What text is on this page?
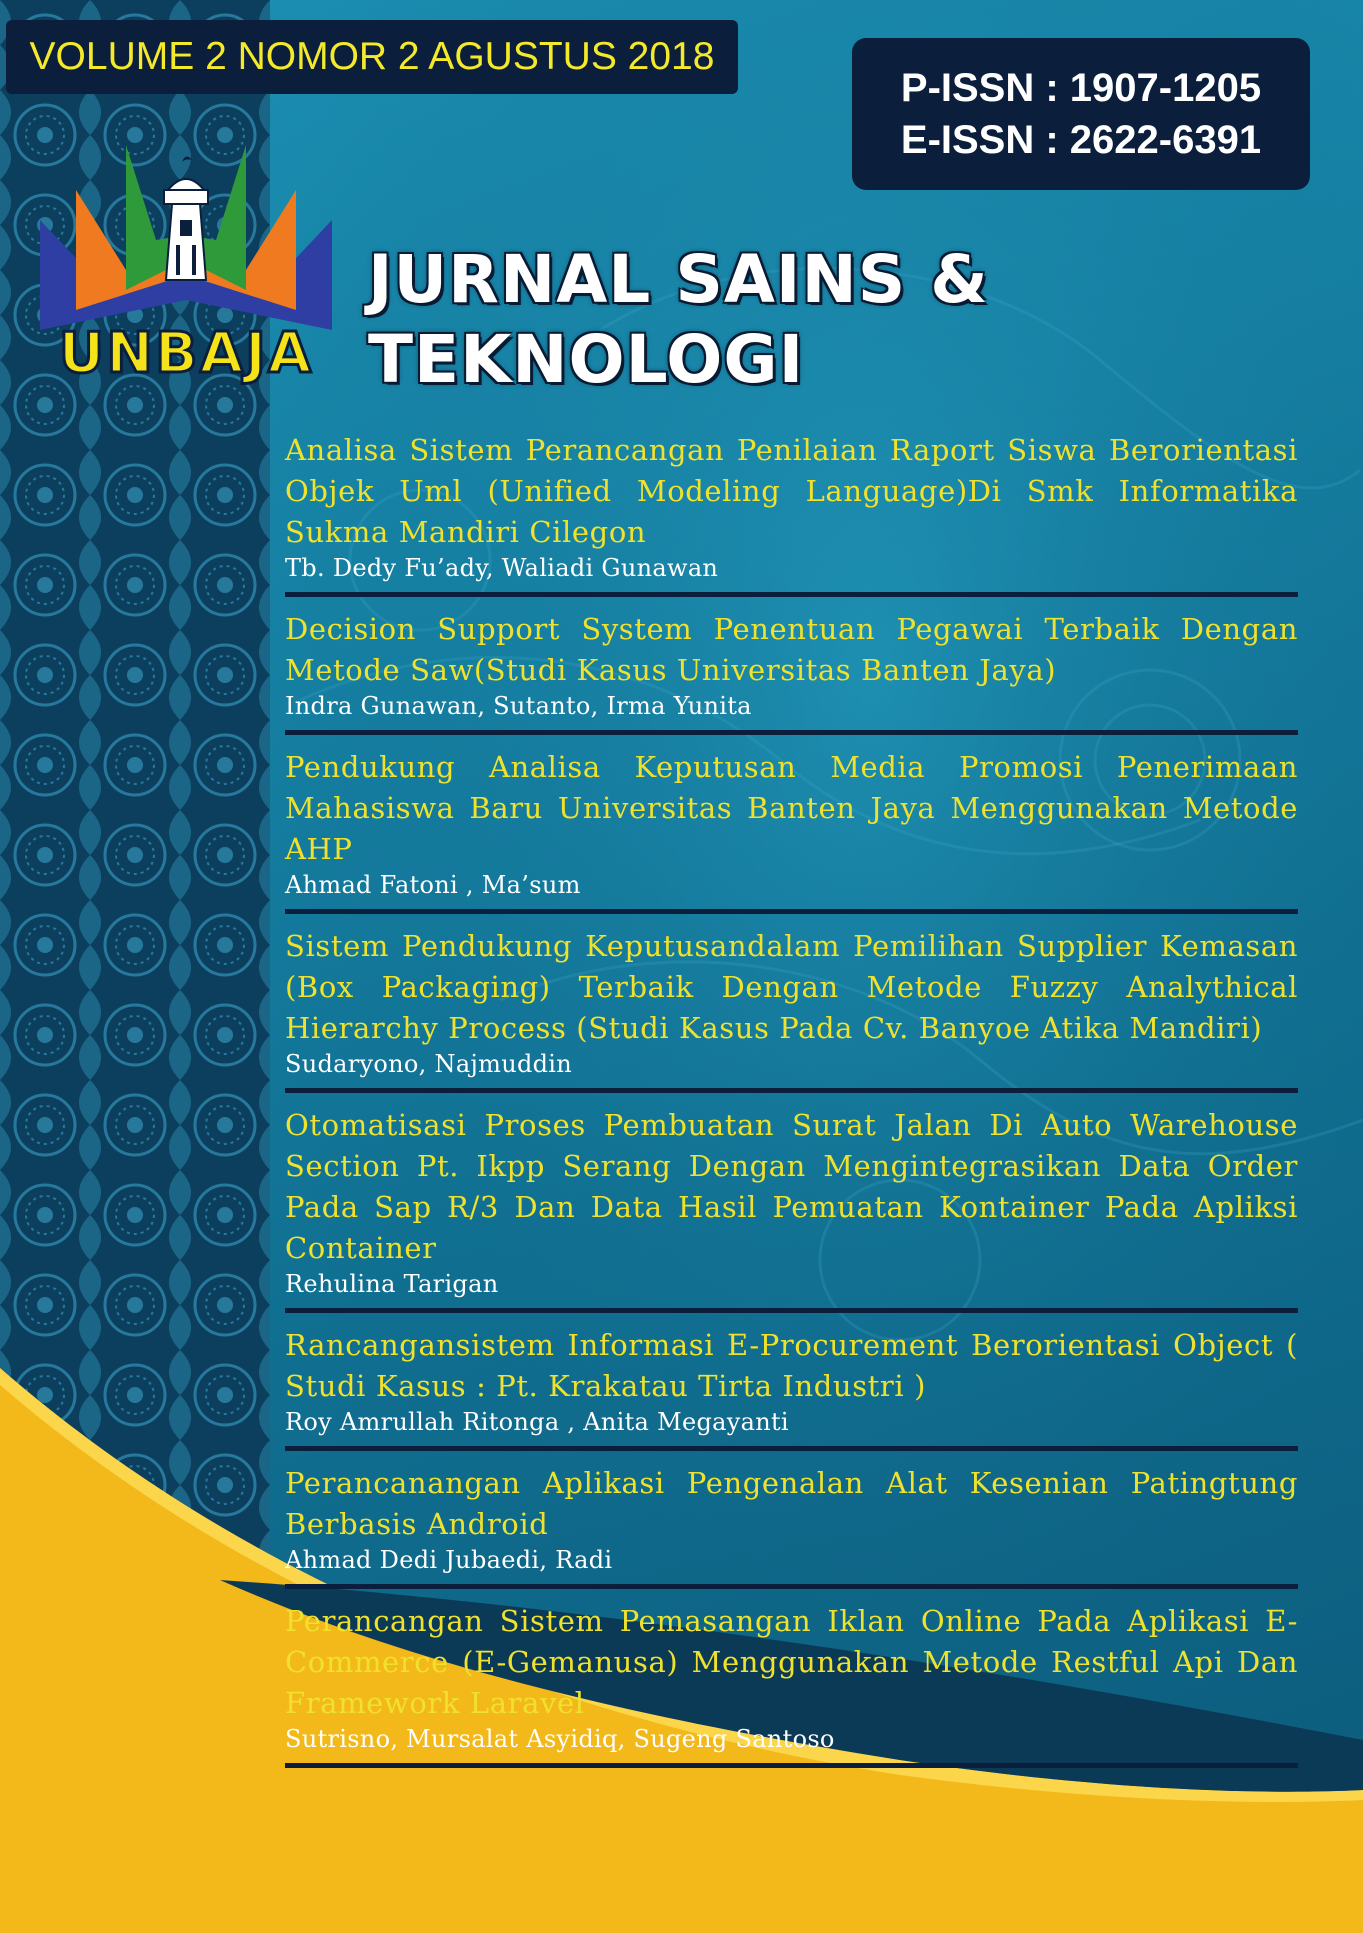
VOLUME 2 NOMOR 2 AGUSTUS 2018
P-ISSN : 1907-1205
E-ISSN : 2622-6391
UNBAJA
JURNAL SAINS & TEKNOLOGI
Analisa Sistem Perancangan Penilaian Raport Siswa Berorientasi Objek Uml (Unified Modeling Language)Di Smk Informatika Sukma Mandiri Cilegon
Tb. Dedy Fu’ady, Waliadi Gunawan
Decision Support System Penentuan Pegawai Terbaik Dengan Metode Saw(Studi Kasus Universitas Banten Jaya)
Indra Gunawan, Sutanto, Irma Yunita
Pendukung Analisa Keputusan Media Promosi Penerimaan Mahasiswa Baru Universitas Banten Jaya Menggunakan Metode AHP
Ahmad Fatoni , Ma’sum
Sistem Pendukung Keputusandalam Pemilihan Supplier Kemasan (Box Packaging) Terbaik Dengan Metode Fuzzy Analythical Hierarchy Process (Studi Kasus Pada Cv. Banyoe Atika Mandiri)
Sudaryono, Najmuddin
Otomatisasi Proses Pembuatan Surat Jalan Di Auto Warehouse Section Pt. Ikpp Serang Dengan Mengintegrasikan Data Order Pada Sap R/3 Dan Data Hasil Pemuatan Kontainer Pada Apliksi Container
Rehulina Tarigan
Rancangansistem Informasi E-Procurement Berorientasi Object ( Studi Kasus : Pt. Krakatau Tirta Industri )
Roy Amrullah Ritonga , Anita Megayanti
Perancanangan Aplikasi Pengenalan Alat Kesenian Patingtung Berbasis Android
Ahmad Dedi Jubaedi, Radi
Perancangan Sistem Pemasangan Iklan Online Pada Aplikasi E-Commerce (E-Gemanusa) Menggunakan Metode Restful Api Dan Framework Laravel
Sutrisno, Mursalat Asyidiq, Sugeng Santoso
